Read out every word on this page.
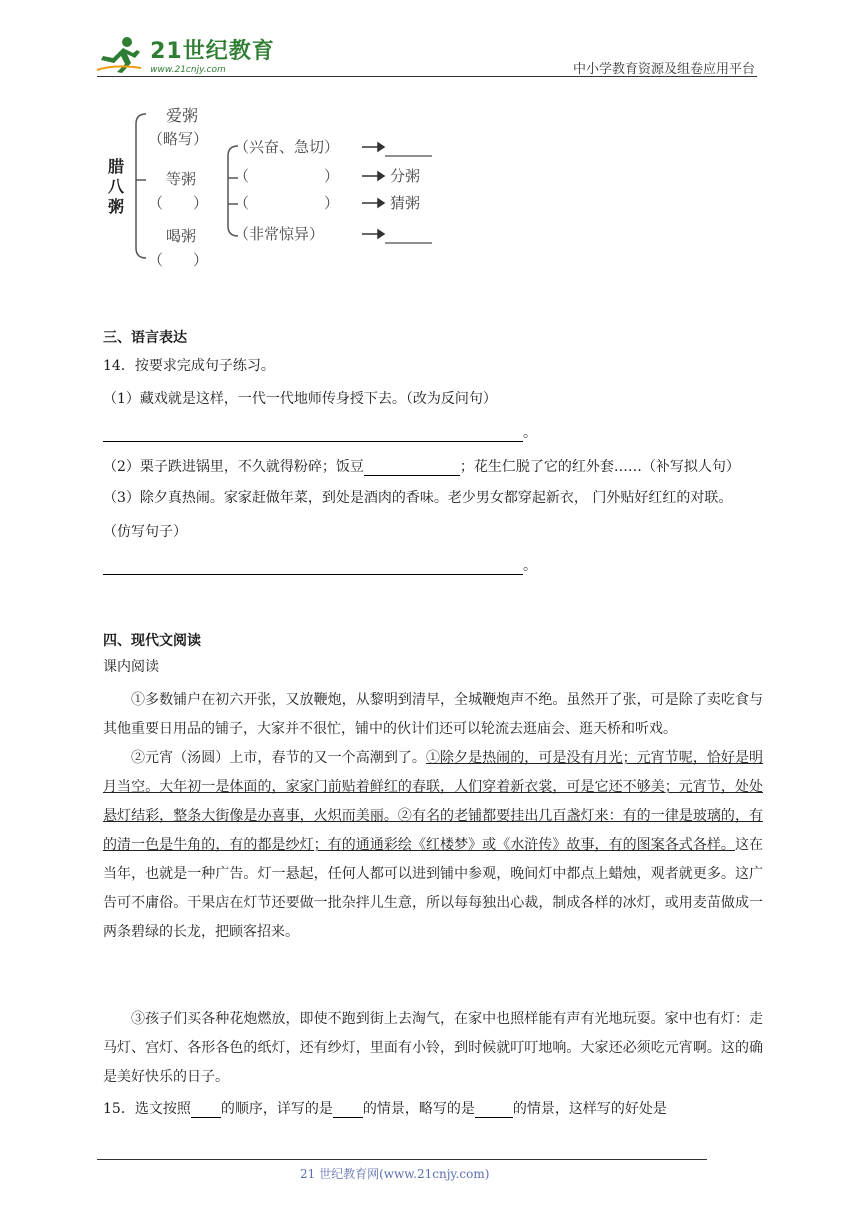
21世纪教育
www.21cnjy.com	中小学教育资源及组卷应用平台
腊
八
粥
爱粥
（略写）
等粥
（　　）
喝粥
（　　）
（兴奋、急切）
（　　　　　）
（　　　　　）
（非常惊异）
分粥
猜粥
三、语言表达
14．按要求完成句子练习。
（1）藏戏就是这样，一代一代地师传身授下去。（改为反问句）
。
（2）栗子跌进锅里，不久就得粉碎；饭豆	；花生仁脱了它的红外套……（补写拟人句）
（3）除夕真热闹。家家赶做年菜，到处是酒肉的香味。老少男女都穿起新衣， 门外贴好红红的对联。
（仿写句子）
。
四、现代文阅读
课内阅读
①多数铺户在初六开张，又放鞭炮，从黎明到清早，全城鞭炮声不绝。虽然开了张，可是除了卖吃食与其他重要日用品的铺子，大家并不很忙，铺中的伙计们还可以轮流去逛庙会、逛天桥和听戏。
②元宵（汤圆）上市，春节的又一个高潮到了。①除夕是热闹的，可是没有月光；元宵节呢，恰好是明月当空。大年初一是体面的，家家门前贴着鲜红的春联，人们穿着新衣裳，可是它还不够美；元宵节，处处悬灯结彩，整条大街像是办喜事，火炽而美丽。②有名的老铺都要挂出几百盏灯来：有的一律是玻璃的，有的清一色是牛角的，有的都是纱灯；有的通通彩绘《红楼梦》或《水浒传》故事，有的图案各式各样。这在当年，也就是一种广告。灯一悬起，任何人都可以进到铺中参观，晚间灯中都点上蜡烛，观者就更多。这广告可不庸俗。干果店在灯节还要做一批杂拌儿生意，所以每每独出心裁，制成各样的冰灯，或用麦苗做成一两条碧绿的长龙，把顾客招来。
③孩子们买各种花炮燃放，即使不跑到街上去淘气，在家中也照样能有声有光地玩耍。家中也有灯：走马灯、宫灯、各形各色的纸灯，还有纱灯，里面有小铃，到时候就叮叮地响。大家还必须吃元宵啊。这的确是美好快乐的日子。
15．选文按照 的顺序，详写的是 的情景，略写的是	的情景，这样写的好处是
21 世纪教育网(www.21cnjy.com)
